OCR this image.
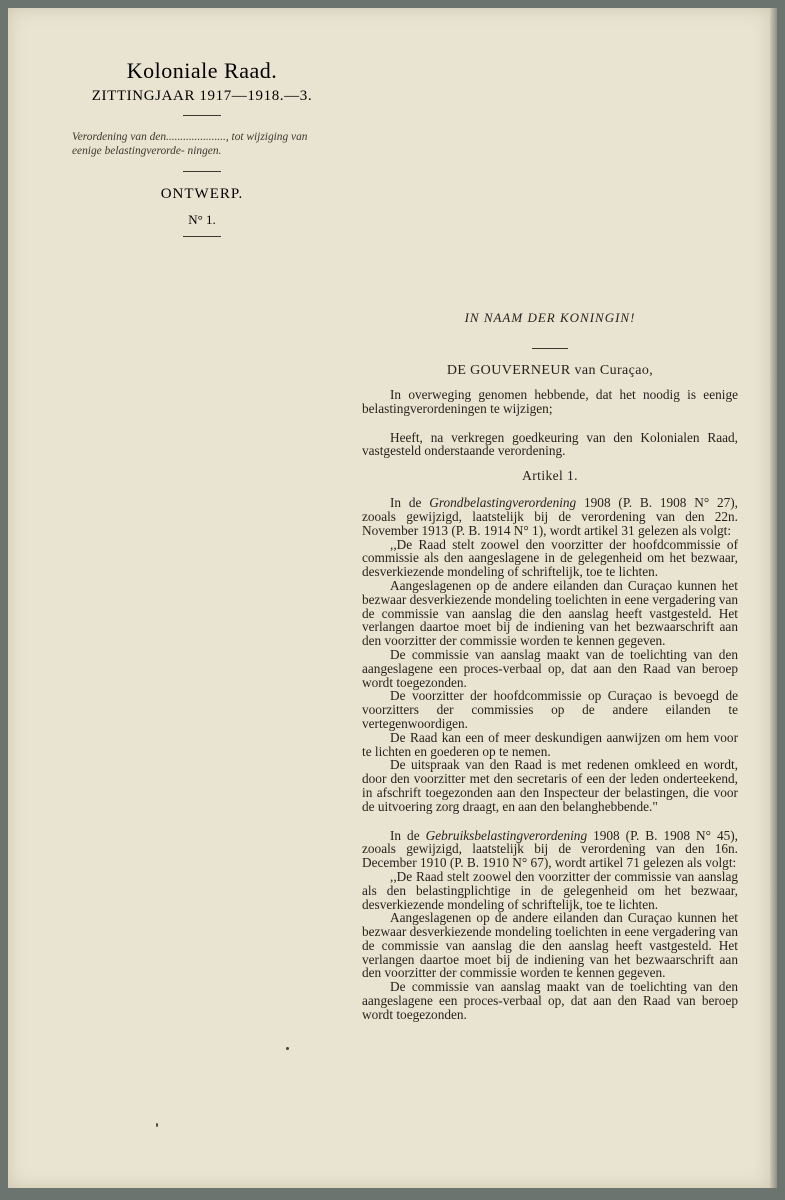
Koloniale Raad.
ZITTINGJAAR 1917—1918.—3.
Verordening van den....................., tot wijziging van eenige belastingverorde- ningen.
ONTWERP.
N° 1.
IN NAAM DER KONINGIN!
DE GOUVERNEUR van Curaçao,

In overweging genomen hebbende, dat het noodig is eenige belastingverordeningen te wijzigen;

Heeft, na verkregen goedkeuring van den Kolonialen Raad, vastgesteld onderstaande verordening.

Artikel 1.

In de Grondbelastingverordening 1908 (P. B. 1908 N° 27), zooals gewijzigd, laatstelijk bij de verordening van den 22n. November 1913 (P. B. 1914 N° 1), wordt artikel 31 gelezen als volgt:

,,De Raad stelt zoowel den voorzitter der hoofdcommissie of commissie als den aangeslagene in de gelegenheid om het bezwaar, desverkiezende mondeling of schriftelijk, toe te lichten.

Aangeslagenen op de andere eilanden dan Curaçao kunnen het bezwaar desverkiezende mondeling toelichten in eene vergadering van de commissie van aanslag die den aanslag heeft vastgesteld. Het verlangen daartoe moet bij de indiening van het bezwaarschrift aan den voorzitter der commissie worden te kennen gegeven.

De commissie van aanslag maakt van de toelichting van den aangeslagene een proces-verbaal op, dat aan den Raad van beroep wordt toegezonden.

De voorzitter der hoofdcommissie op Curaçao is bevoegd de voorzitters der commissies op de andere eilanden te vertegenwoordigen.

De Raad kan een of meer deskundigen aanwijzen om hem voor te lichten en goederen op te nemen.

De uitspraak van den Raad is met redenen omkleed en wordt, door den voorzitter met den secretaris of een der leden onderteekend, in afschrift toegezonden aan den Inspecteur der belastingen, die voor de uitvoering zorg draagt, en aan den belanghebbende."

In de Gebruiksbelastingverordening 1908 (P. B. 1908 N° 45), zooals gewijzigd, laatstelijk bij de verordening van den 16n. December 1910 (P. B. 1910 N° 67), wordt artikel 71 gelezen als volgt:

,,De Raad stelt zoowel den voorzitter der commissie van aanslag als den belastingplichtige in de gelegenheid om het bezwaar, desverkiezende mondeling of schriftelijk, toe te lichten.

Aangeslagenen op de andere eilanden dan Curaçao kunnen het bezwaar desverkiezende mondeling toelichten in eene vergadering van de commissie van aanslag die den aanslag heeft vastgesteld. Het verlangen daartoe moet bij de indiening van het bezwaarschrift aan den voorzitter der commissie worden te kennen gegeven.

De commissie van aanslag maakt van de toelichting van den aangeslagene een proces-verbaal op, dat aan den Raad van beroep wordt toegezonden.
